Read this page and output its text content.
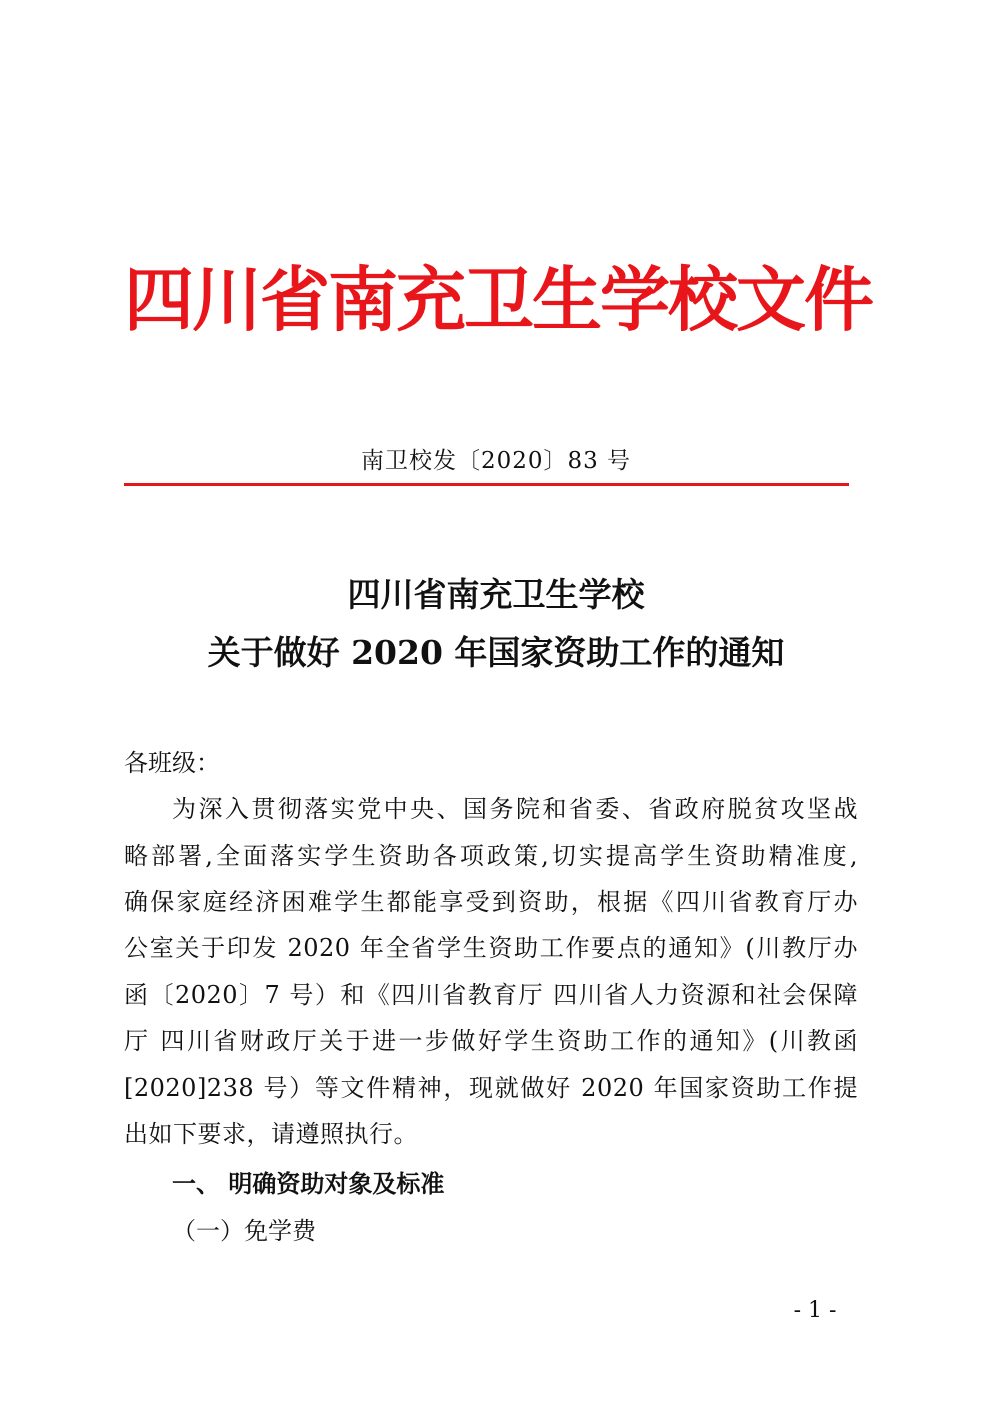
四川省南充卫生学校文件
南卫校发〔2020〕83 号
四川省南充卫生学校
关于做好 2020 年国家资助工作的通知
各班级：
为深入贯彻落实党中央、国务院和省委、省政府脱贫攻坚战
略部署,全面落实学生资助各项政策,切实提高学生资助精准度,
确保家庭经济困难学生都能享受到资助，根据《四川省教育厅办
公室关于印发 2020 年全省学生资助工作要点的通知》(川教厅办
函〔2020〕7 号）和《四川省教育厅 四川省人力资源和社会保障
厅 四川省财政厅关于进一步做好学生资助工作的通知》(川教函
[2020]238 号）等文件精神，现就做好 2020 年国家资助工作提
出如下要求，请遵照执行。
一、 明确资助对象及标准
（一）免学费
- 1 -
